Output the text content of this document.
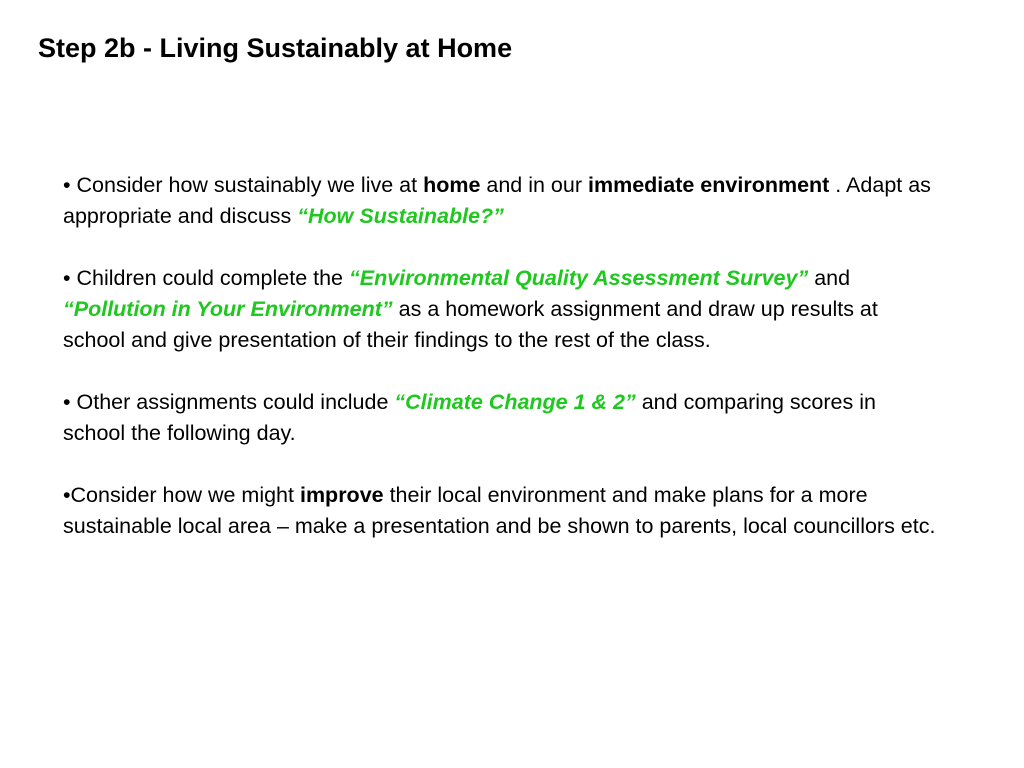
Step 2b - Living Sustainably at Home

• Consider how sustainably we live at home and in our immediate environment . Adapt as appropriate and discuss “How Sustainable?”

• Children could complete the “Environmental Quality Assessment Survey” and “Pollution in Your Environment” as a homework assignment and draw up results at school and give presentation of their findings to the rest of the class.

• Other assignments could include “Climate Change 1 & 2” and comparing scores in school the following day.

•Consider how we might improve their local environment and make plans for a more sustainable local area – make a presentation and be shown to parents, local councillors etc.
